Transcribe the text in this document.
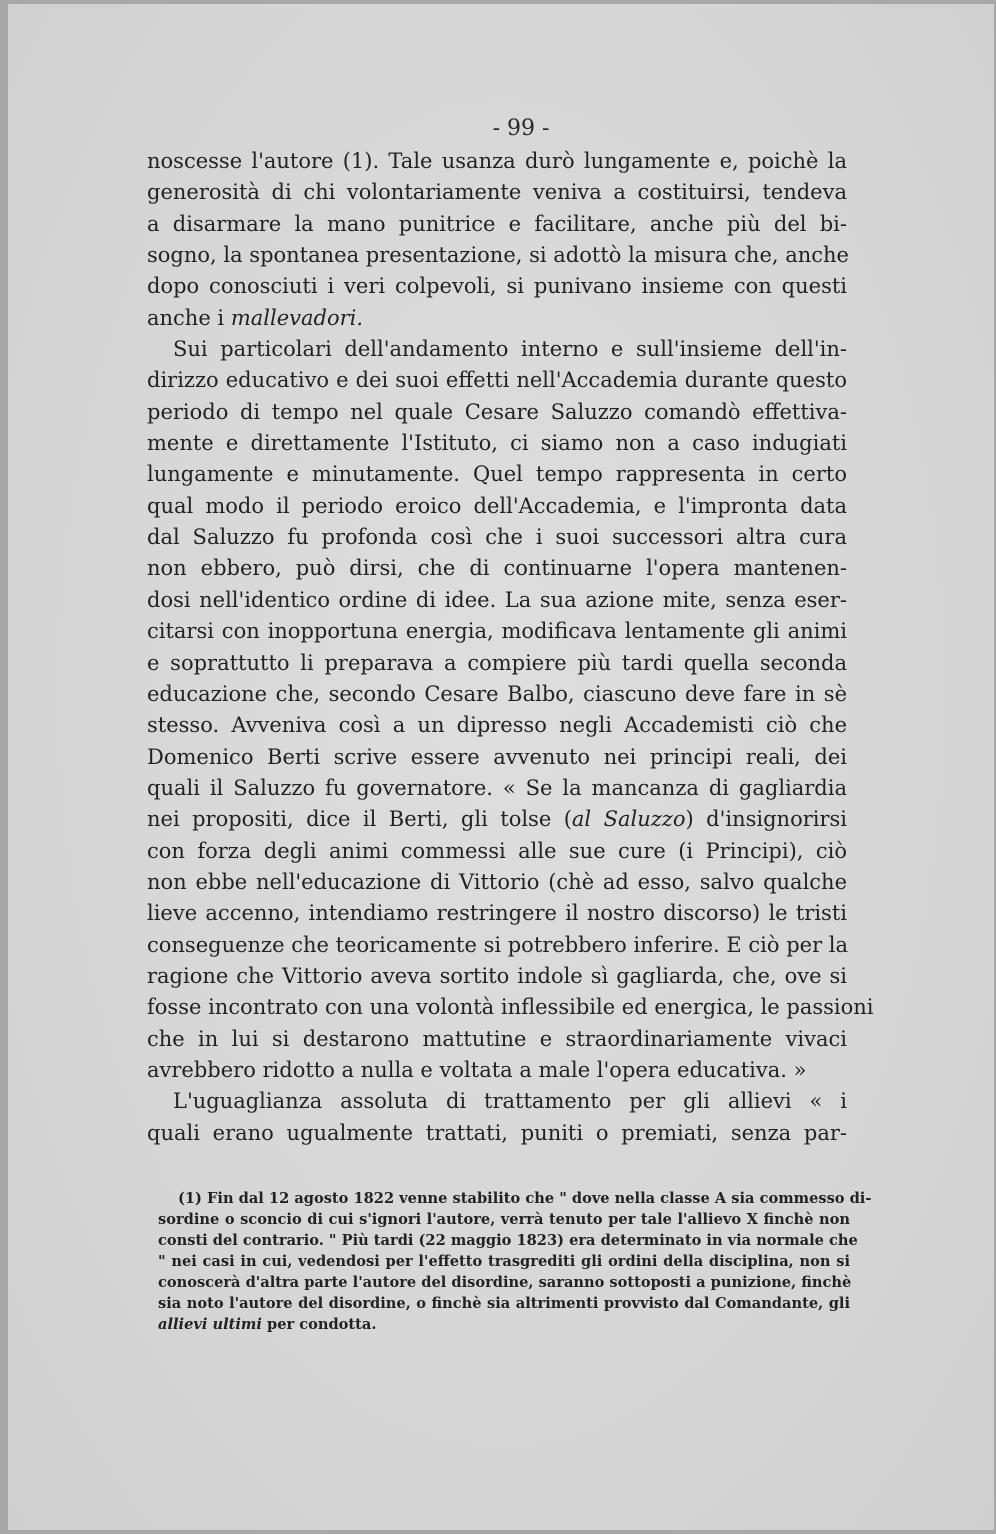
- 99 -

noscesse l'autore (1). Tale usanza durò lungamente e, poichè la
generosità di chi volontariamente veniva a costituirsi, tendeva
a disarmare la mano punitrice e facilitare, anche più del bi-
sogno, la spontanea presentazione, si adottò la misura che, anche
dopo conosciuti i veri colpevoli, si punivano insieme con questi
anche i mallevadori.

Sui particolari dell'andamento interno e sull'insieme dell'in-
dirizzo educativo e dei suoi effetti nell'Accademia durante questo
periodo di tempo nel quale Cesare Saluzzo comandò effettiva-
mente e direttamente l'Istituto, ci siamo non a caso indugiati
lungamente e minutamente. Quel tempo rappresenta in certo
qual modo il periodo eroico dell'Accademia, e l'impronta data
dal Saluzzo fu profonda così che i suoi successori altra cura
non ebbero, può dirsi, che di continuarne l'opera mantenen-
dosi nell'identico ordine di idee. La sua azione mite, senza eser-
citarsi con inopportuna energia, modificava lentamente gli animi
e soprattutto li preparava a compiere più tardi quella seconda
educazione che, secondo Cesare Balbo, ciascuno deve fare in sè
stesso. Avveniva così a un dipresso negli Accademisti ciò che
Domenico Berti scrive essere avvenuto nei principi reali, dei
quali il Saluzzo fu governatore. « Se la mancanza di gagliardia
nei propositi, dice il Berti, gli tolse (al Saluzzo) d'insignorirsi
con forza degli animi commessi alle sue cure (i Principi), ciò
non ebbe nell'educazione di Vittorio (chè ad esso, salvo qualche
lieve accenno, intendiamo restringere il nostro discorso) le tristi
conseguenze che teoricamente si potrebbero inferire. E ciò per la
ragione che Vittorio aveva sortito indole sì gagliarda, che, ove si
fosse incontrato con una volontà inflessibile ed energica, le passioni
che in lui si destarono mattutine e straordinariamente vivaci
avrebbero ridotto a nulla e voltata a male l'opera educativa. »

L'uguaglianza assoluta di trattamento per gli allievi « i
quali erano ugualmente trattati, puniti o premiati, senza par-

(1) Fin dal 12 agosto 1822 venne stabilito che " dove nella classe A sia commesso di-
sordine o sconcio di cui s'ignori l'autore, verrà tenuto per tale l'allievo X finchè non
consti del contrario. " Più tardi (22 maggio 1823) era determinato in via normale che
" nei casi in cui, vedendosi per l'effetto trasgrediti gli ordini della disciplina, non si
conoscerà d'altra parte l'autore del disordine, saranno sottoposti a punizione, finchè
sia noto l'autore del disordine, o finchè sia altrimenti provvisto dal Comandante, gli
allievi ultimi per condotta.
